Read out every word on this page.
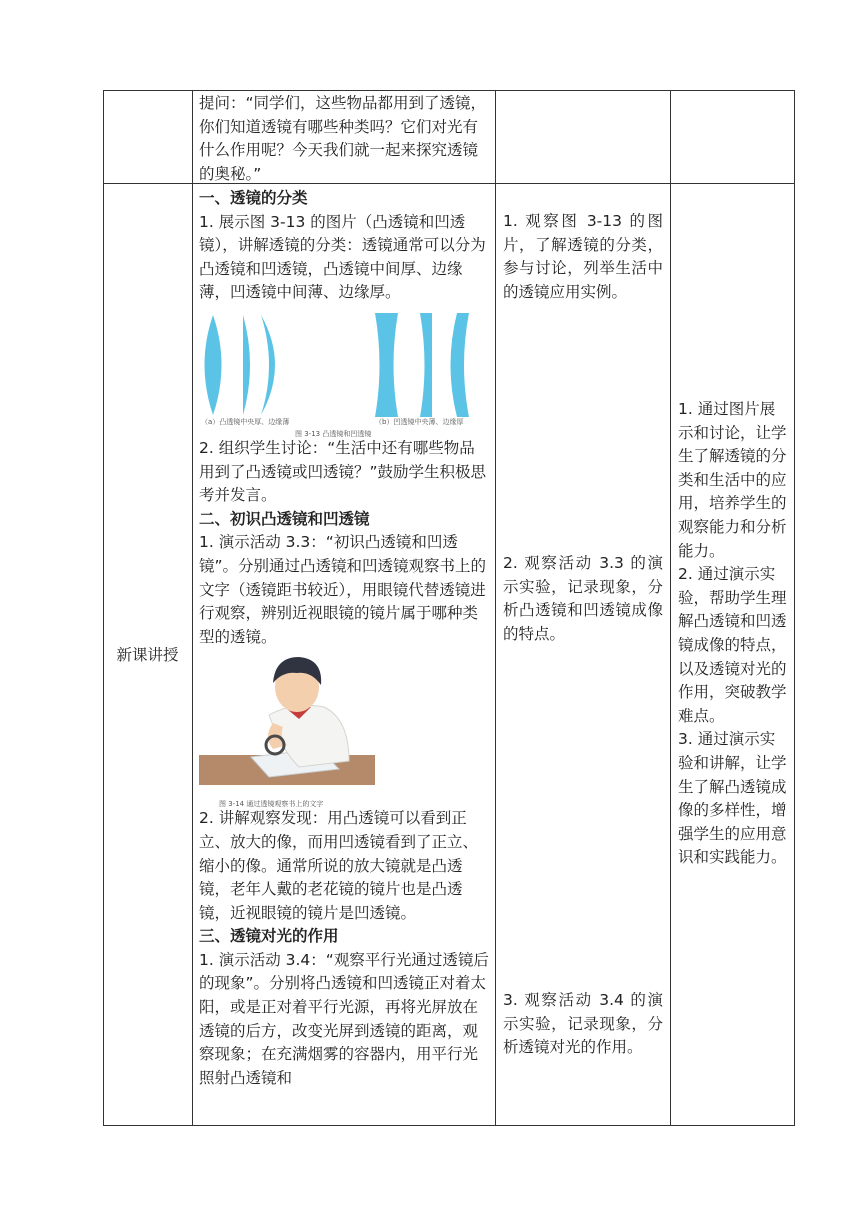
提问：“同学们，这些物品都用到了透镜，你们知道透镜有哪些种类吗？它们对光有什么作用呢？今天我们就一起来探究透镜的奥秘。”

新课讲授

一、透镜的分类

1. 展示图 3-13 的图片（凸透镜和凹透镜），讲解透镜的分类：透镜通常可以分为凸透镜和凹透镜，凸透镜中间厚、边缘薄，凹透镜中间薄、边缘厚。

（a）凸透镜中央厚、边缘薄	（b）凹透镜中央薄、边缘厚
图 3-13 凸透镜和凹透镜

2. 组织学生讨论：“生活中还有哪些物品用到了凸透镜或凹透镜？”鼓励学生积极思考并发言。

二、初识凸透镜和凹透镜

1. 演示活动 3.3：“初识凸透镜和凹透镜”。分别通过凸透镜和凹透镜观察书上的文字（透镜距书较近），用眼镜代替透镜进行观察，辨别近视眼镜的镜片属于哪种类型的透镜。

图 3-14 通过透镜观察书上的文字

2. 讲解观察发现：用凸透镜可以看到正立、放大的像，而用凹透镜看到了正立、缩小的像。通常所说的放大镜就是凸透镜，老年人戴的老花镜的镜片也是凸透镜，近视眼镜的镜片是凹透镜。

三、透镜对光的作用

1. 演示活动 3.4：“观察平行光通过透镜后的现象”。分别将凸透镜和凹透镜正对着太阳，或是正对着平行光源，再将光屏放在透镜的后方，改变光屏到透镜的距离，观察现象；在充满烟雾的容器内，用平行光照射凸透镜和

1. 观察图 3-13 的图片，了解透镜的分类，参与讨论，列举生活中的透镜应用实例。
2. 观察活动 3.3 的演示实验，记录现象，分析凸透镜和凹透镜成像的特点。
3. 观察活动 3.4 的演示实验，记录现象，分析透镜对光的作用。
1. 通过图片展示和讨论，让学生了解透镜的分类和生活中的应用，培养学生的观察能力和分析能力。
2. 通过演示实验，帮助学生理解凸透镜和凹透镜成像的特点，以及透镜对光的作用，突破教学难点。
3. 通过演示实验和讲解，让学生了解凸透镜成像的多样性，增强学生的应用意识和实践能力。
